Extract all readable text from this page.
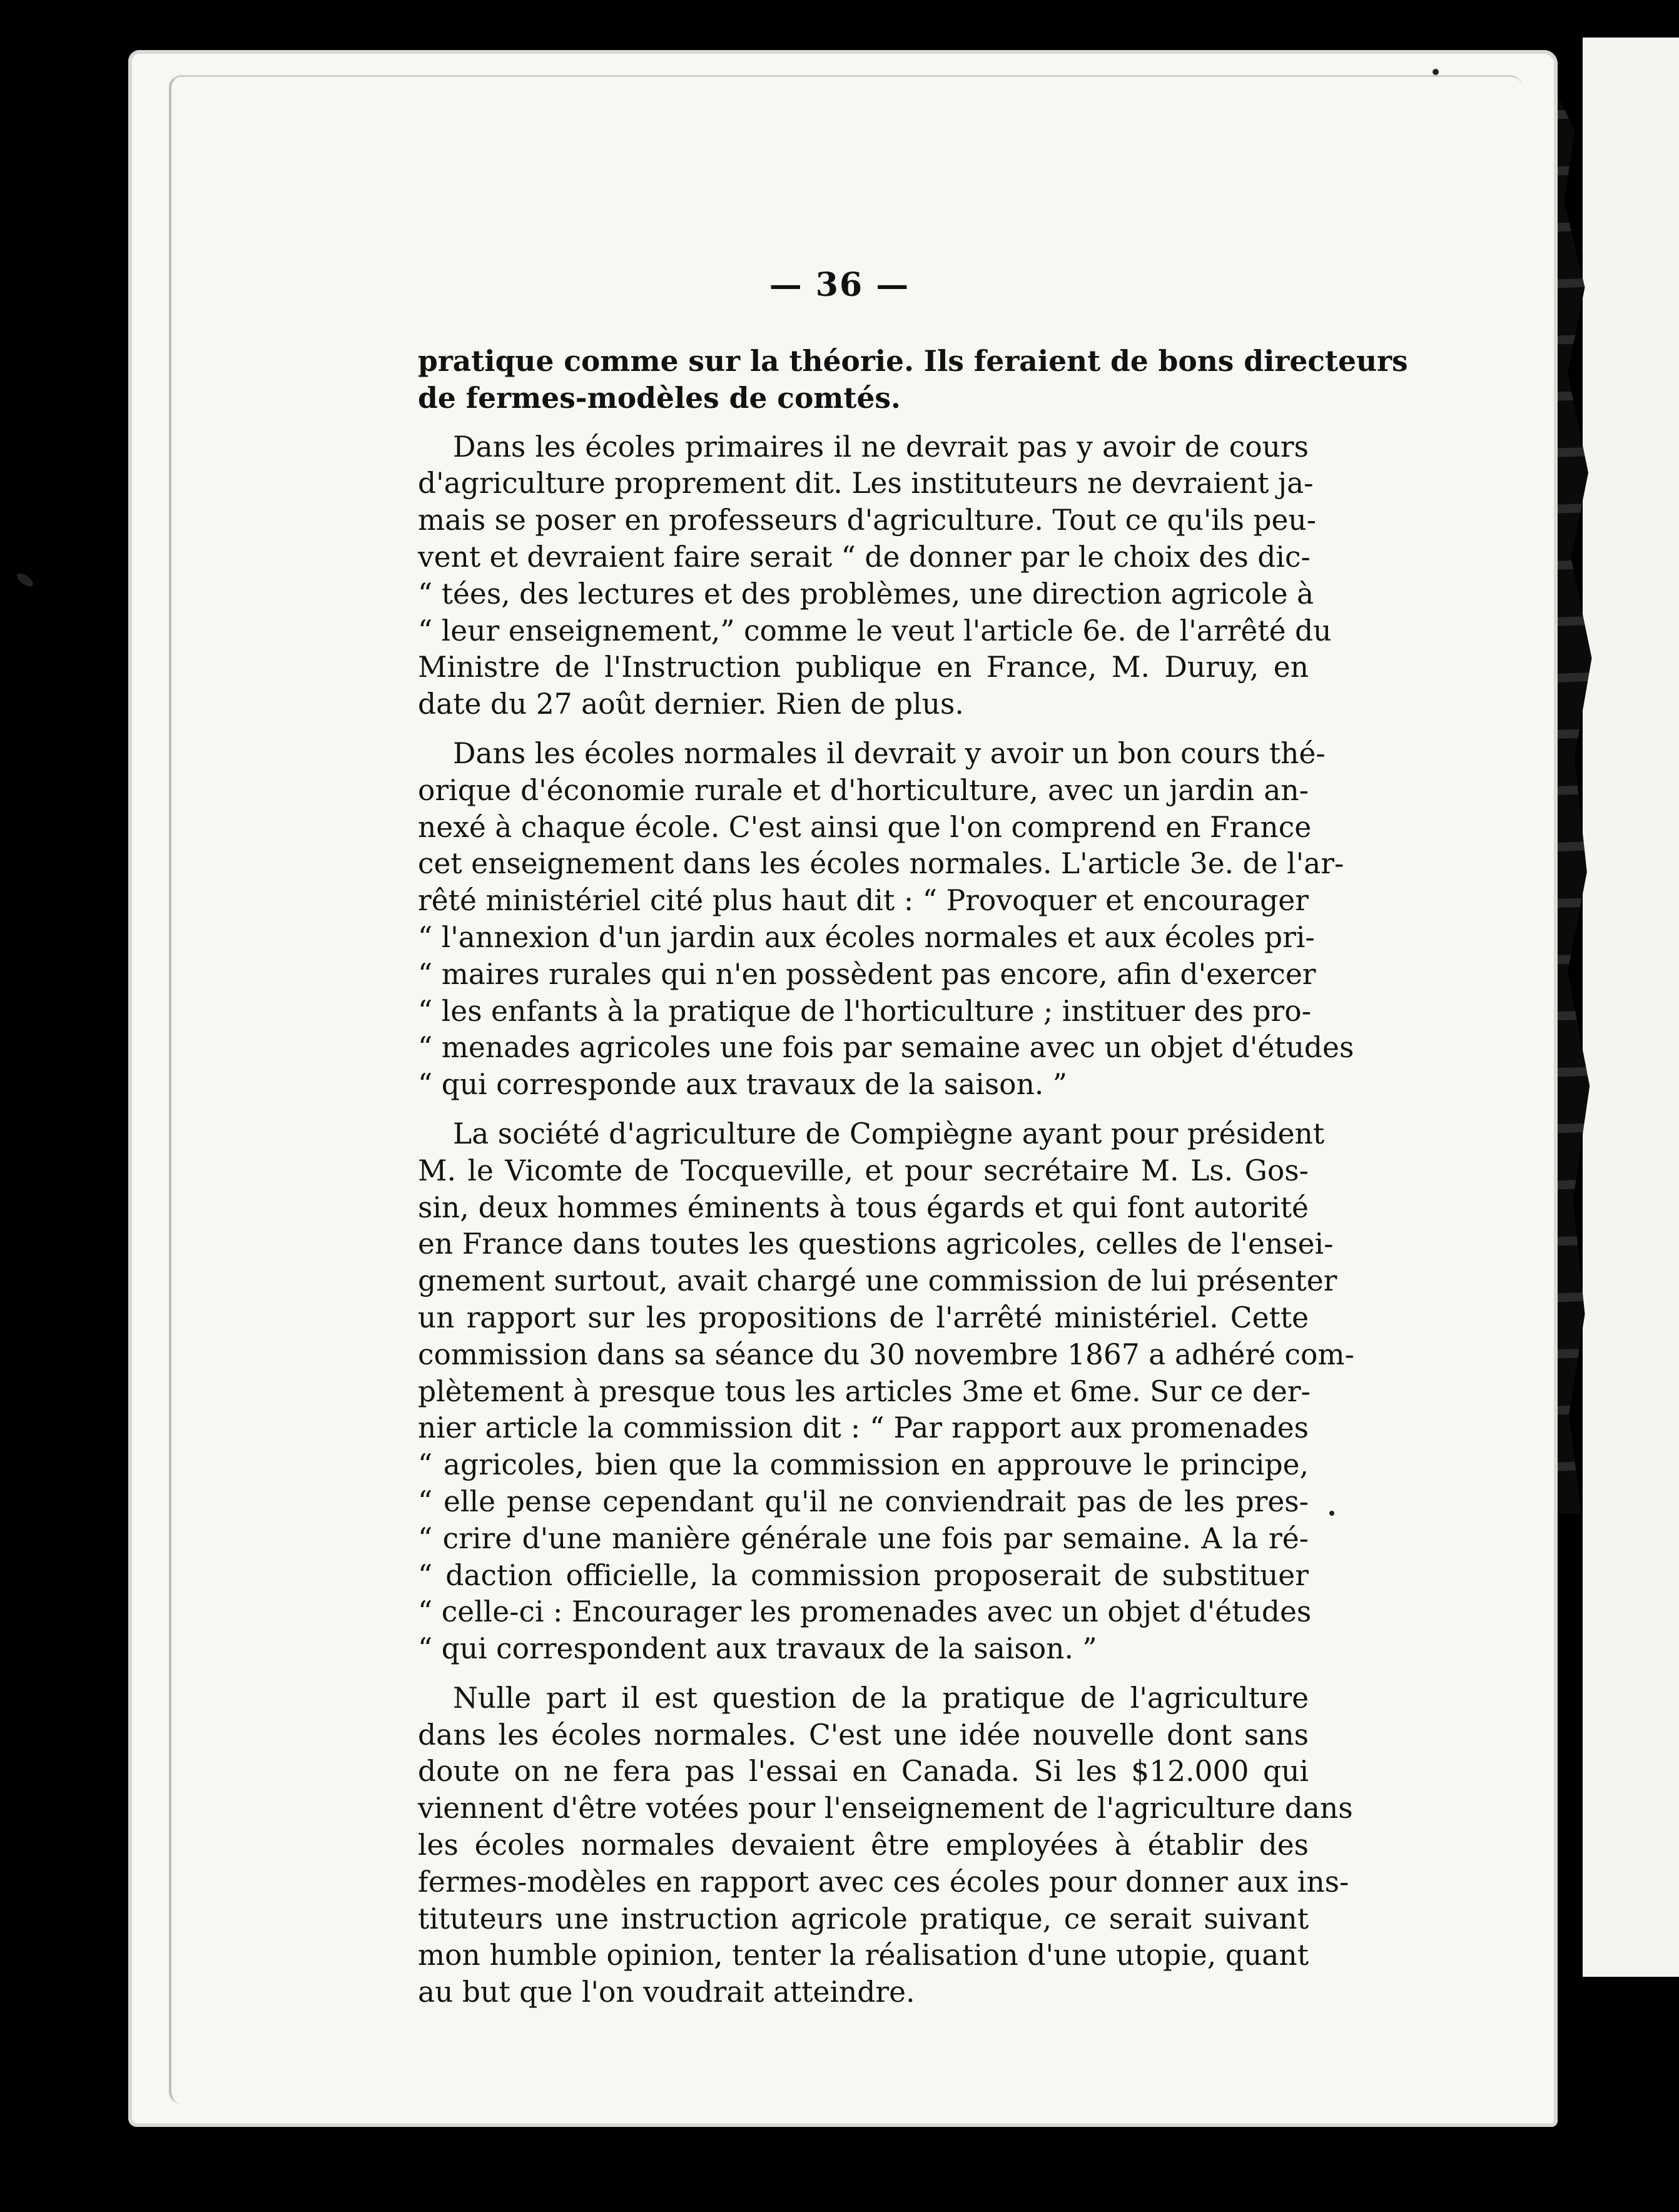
— 36 —

pratique comme sur la théorie. Ils feraient de bons directeurs
de fermes-modèles de comtés.

Dans les écoles primaires il ne devrait pas y avoir de cours
d'agriculture proprement dit. Les instituteurs ne devraient ja-
mais se poser en professeurs d'agriculture. Tout ce qu'ils peu-
vent et devraient faire serait “ de donner par le choix des dic-
“ tées, des lectures et des problèmes, une direction agricole à
“ leur enseignement,” comme le veut l'article 6e. de l'arrêté du
Ministre de l'Instruction publique en France, M. Duruy, en
date du 27 août dernier. Rien de plus.

Dans les écoles normales il devrait y avoir un bon cours thé-
orique d'économie rurale et d'horticulture, avec un jardin an-
nexé à chaque école. C'est ainsi que l'on comprend en France
cet enseignement dans les écoles normales. L'article 3e. de l'ar-
rêté ministériel cité plus haut dit : “ Provoquer et encourager
“ l'annexion d'un jardin aux écoles normales et aux écoles pri-
“ maires rurales qui n'en possèdent pas encore, afin d'exercer
“ les enfants à la pratique de l'horticulture ; instituer des pro-
“ menades agricoles une fois par semaine avec un objet d'études
“ qui corresponde aux travaux de la saison. ”

La société d'agriculture de Compiègne ayant pour président
M. le Vicomte de Tocqueville, et pour secrétaire M. Ls. Gos-
sin, deux hommes éminents à tous égards et qui font autorité
en France dans toutes les questions agricoles, celles de l'ensei-
gnement surtout, avait chargé une commission de lui présenter
un rapport sur les propositions de l'arrêté ministériel. Cette
commission dans sa séance du 30 novembre 1867 a adhéré com-
plètement à presque tous les articles 3me et 6me. Sur ce der-
nier article la commission dit : “ Par rapport aux promenades
“ agricoles, bien que la commission en approuve le principe,
“ elle pense cependant qu'il ne conviendrait pas de les pres-
“ crire d'une manière générale une fois par semaine. A la ré-
“ daction officielle, la commission proposerait de substituer
“ celle-ci : Encourager les promenades avec un objet d'études
“ qui correspondent aux travaux de la saison. ”

Nulle part il est question de la pratique de l'agriculture
dans les écoles normales. C'est une idée nouvelle dont sans
doute on ne fera pas l'essai en Canada. Si les $12.000 qui
viennent d'être votées pour l'enseignement de l'agriculture dans
les écoles normales devaient être employées à établir des
fermes-modèles en rapport avec ces écoles pour donner aux ins-
tituteurs une instruction agricole pratique, ce serait suivant
mon humble opinion, tenter la réalisation d'une utopie, quant
au but que l'on voudrait atteindre.
